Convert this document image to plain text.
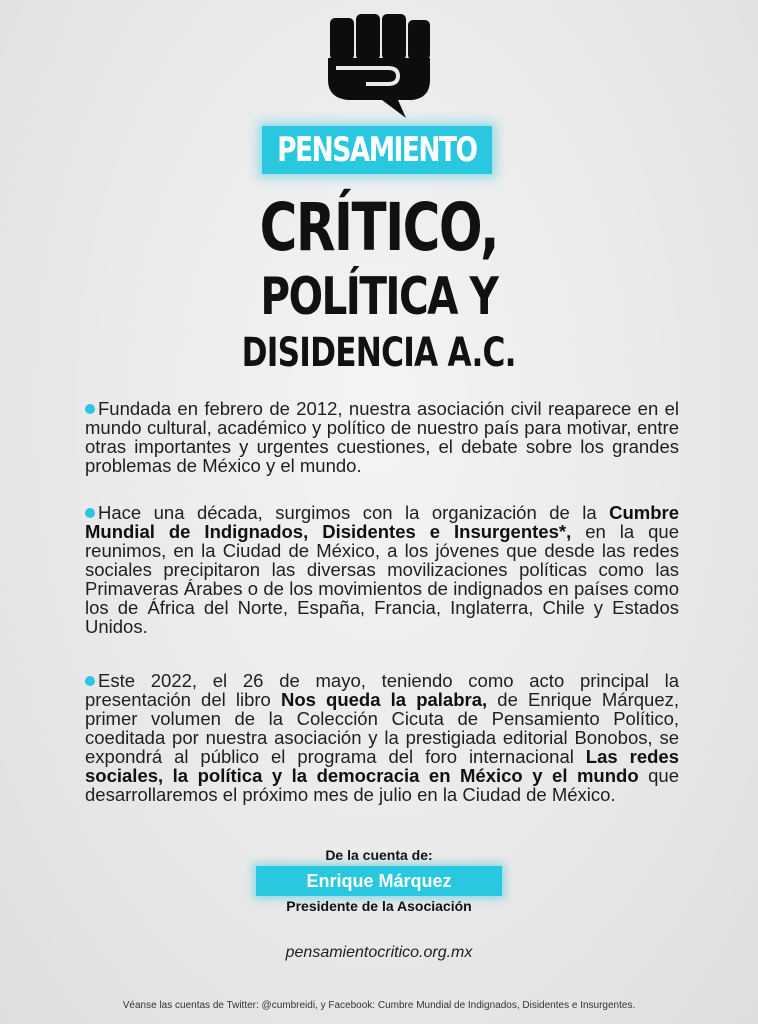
PENSAMIENTO
CRÍTICO,
POLÍTICA Y
DISIDENCIA A.C.

Fundada en febrero de 2012, nuestra asociación civil reaparece en el mundo cultural, académico y político de nuestro país para motivar, entre otras importantes y urgentes cuestiones, el debate sobre los grandes problemas de México y el mundo.

Hace una década, surgimos con la organización de la Cumbre Mundial de Indignados, Disidentes e Insurgentes*, en la que reunimos, en la Ciudad de México, a los jóvenes que desde las redes sociales precipitaron las diversas movilizaciones políticas como las Primaveras Árabes o de los movimientos de indignados en países como los de África del Norte, España, Francia, Inglaterra, Chile y Estados Unidos.

Este 2022, el 26 de mayo, teniendo como acto principal la presentación del libro Nos queda la palabra, de Enrique Márquez, primer volumen de la Colección Cicuta de Pensamiento Político, coeditada por nuestra asociación y la prestigiada editorial Bonobos, se expondrá al público el programa del foro internacional Las redes sociales, la política y la democracia en México y el mundo que desarrollaremos el próximo mes de julio en la Ciudad de México.

De la cuenta de:
Enrique Márquez
Presidente de la Asociación
pensamientocritico.org.mx
Véanse las cuentas de Twitter: @cumbreidi, y Facebook: Cumbre Mundial de Indignados, Disidentes e Insurgentes.
